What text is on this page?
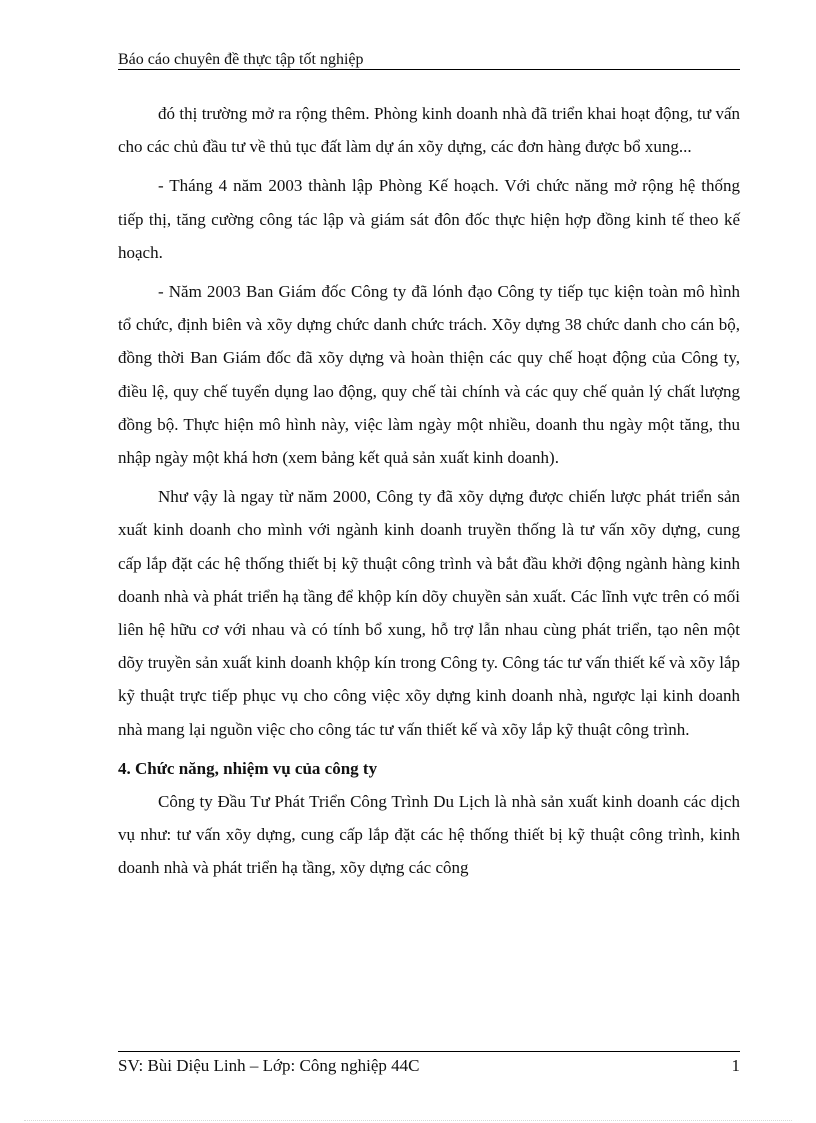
Báo cáo chuyên đề thực tập tốt nghiệp

đó thị trường mở ra rộng thêm. Phòng kinh doanh nhà đã triển khai hoạt động, tư vấn cho các chủ đầu tư về thủ tục đất làm dự án xõy dựng, các đơn hàng được bổ xung...

- Tháng 4 năm 2003 thành lập Phòng Kế hoạch. Với chức năng mở rộng hệ thống tiếp thị, tăng cường công tác lập và giám sát đôn đốc thực hiện hợp đồng kinh tế theo kế hoạch.

- Năm 2003 Ban Giám đốc Công ty đã lónh đạo Công ty tiếp tục kiện toàn mô hình tổ chức, định biên và xõy dựng chức danh chức trách. Xõy dựng 38 chức danh cho cán bộ, đồng thời Ban Giám đốc đã xõy dựng và hoàn thiện các quy chế hoạt động của Công ty, điều lệ, quy chế tuyển dụng lao động, quy chế tài chính và các quy chế quản lý chất lượng đồng bộ. Thực hiện mô hình này, việc làm ngày một nhiều, doanh thu ngày một tăng, thu nhập ngày một khá hơn (xem bảng kết quả sản xuất kinh doanh).

Như vậy là ngay từ năm 2000, Công ty đã xõy dựng được chiến lược phát triển sản xuất kinh doanh cho mình với ngành kinh doanh truyền thống là tư vấn xõy dựng, cung cấp lắp đặt các hệ thống thiết bị kỹ thuật công trình và bắt đầu khởi động ngành hàng kinh doanh nhà và phát triển hạ tầng để khộp kín dõy chuyền sản xuất. Các lĩnh vực trên có mối liên hệ hữu cơ với nhau và có tính bổ xung, hỗ trợ lẫn nhau cùng phát triển, tạo nên một dõy truyền sản xuất kinh doanh khộp kín trong Công ty. Công tác tư vấn thiết kế và xõy lắp kỹ thuật trực tiếp phục vụ cho công việc xõy dựng kinh doanh nhà, ngược lại kinh doanh nhà mang lại nguồn việc cho công tác tư vấn thiết kế và xõy lắp kỹ thuật công trình.

4. Chức năng, nhiệm vụ của công ty

Công ty Đầu Tư Phát Triển Công Trình Du Lịch là nhà sản xuất kinh doanh các dịch vụ như: tư vấn xõy dựng, cung cấp lắp đặt các hệ thống thiết bị kỹ thuật công trình, kinh doanh nhà và phát triển hạ tầng, xõy dựng các công

SV: Bùi Diệu Linh – Lớp: Công nghiệp 44C	1
